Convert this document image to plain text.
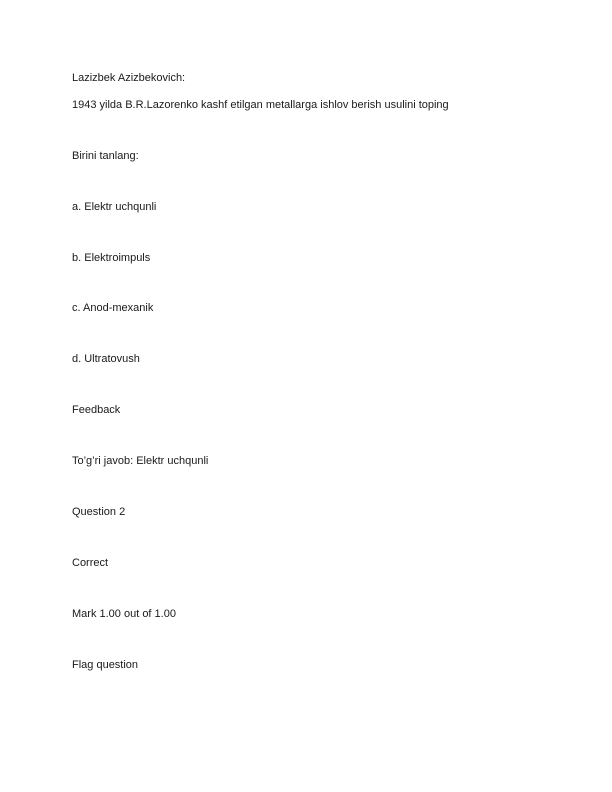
Lazizbek Azizbekovich:
1943 yilda B.R.Lazorenko kashf etilgan metallarga ishlov berish usulini toping
Birini tanlang:
a. Elektr uchqunli
b. Elektroimpuls
c. Anod-mexanik
d. Ultratovush
Feedback
To’g’ri javob: Elektr uchqunli
Question 2
Correct
Mark 1.00 out of 1.00
Flag question
